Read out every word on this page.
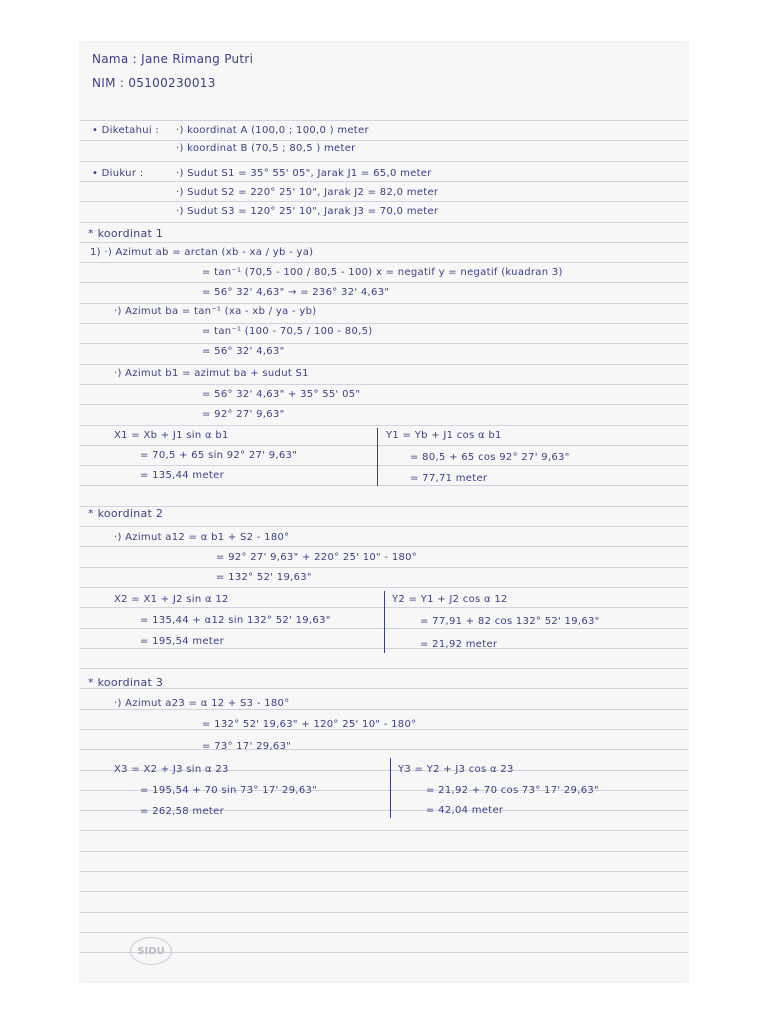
Nama : Jane Rimang Putri
NIM : 05100230013
• Diketahui : ·) koordinat A (100,0 ; 100,0 ) meter
·) koordinat B (70,5 ; 80,5 ) meter
• Diukur :	·) Sudut S1 = 35° 55' 05", Jarak J1 = 65,0 meter
·) Sudut S2 = 220° 25' 10", Jarak J2 = 82,0 meter
·) Sudut S3 = 120° 25' 10", Jarak J3 = 70,0 meter
* koordinat 1
1) ·) Azimut ab = arctan (xb - xa / yb - ya)
= tan⁻¹ (70,5 - 100 / 80,5 - 100) x = negatif y = negatif (kuadran 3)
= 56° 32' 4,63" → = 236° 32' 4,63"
·) Azimut ba = tan⁻¹ (xa - xb / ya - yb)
= tan⁻¹ (100 - 70,5 / 100 - 80,5)
= 56° 32' 4,63"
·) Azimut b1 = azimut ba + sudut S1
= 56° 32' 4,63" + 35° 55' 05"
= 92° 27' 9,63"
X1 = Xb + J1 sin α b1
= 70,5 + 65 sin 92° 27' 9,63"
= 135,44 meter
Y1 = Yb + J1 cos α b1
= 80,5 + 65 cos 92° 27' 9,63"
= 77,71 meter
* koordinat 2
·) Azimut a12 = α b1 + S2 - 180°
= 92° 27' 9,63" + 220° 25' 10" - 180°
= 132° 52' 19,63"
X2 = X1 + J2 sin α 12
= 135,44 + α12 sin 132° 52' 19,63"
= 195,54 meter
Y2 = Y1 + J2 cos α 12
= 77,91 + 82 cos 132° 52' 19,63"
= 21,92 meter
* koordinat 3
·) Azimut a23 = α 12 + S3 - 180°
= 132° 52' 19,63" + 120° 25' 10" - 180°
= 73° 17' 29,63"
X3 = X2 + J3 sin α 23
= 195,54 + 70 sin 73° 17' 29,63"
= 262,58 meter
Y3 = Y2 + J3 cos α 23
= 21,92 + 70 cos 73° 17' 29,63"
= 42,04 meter
SIDU
